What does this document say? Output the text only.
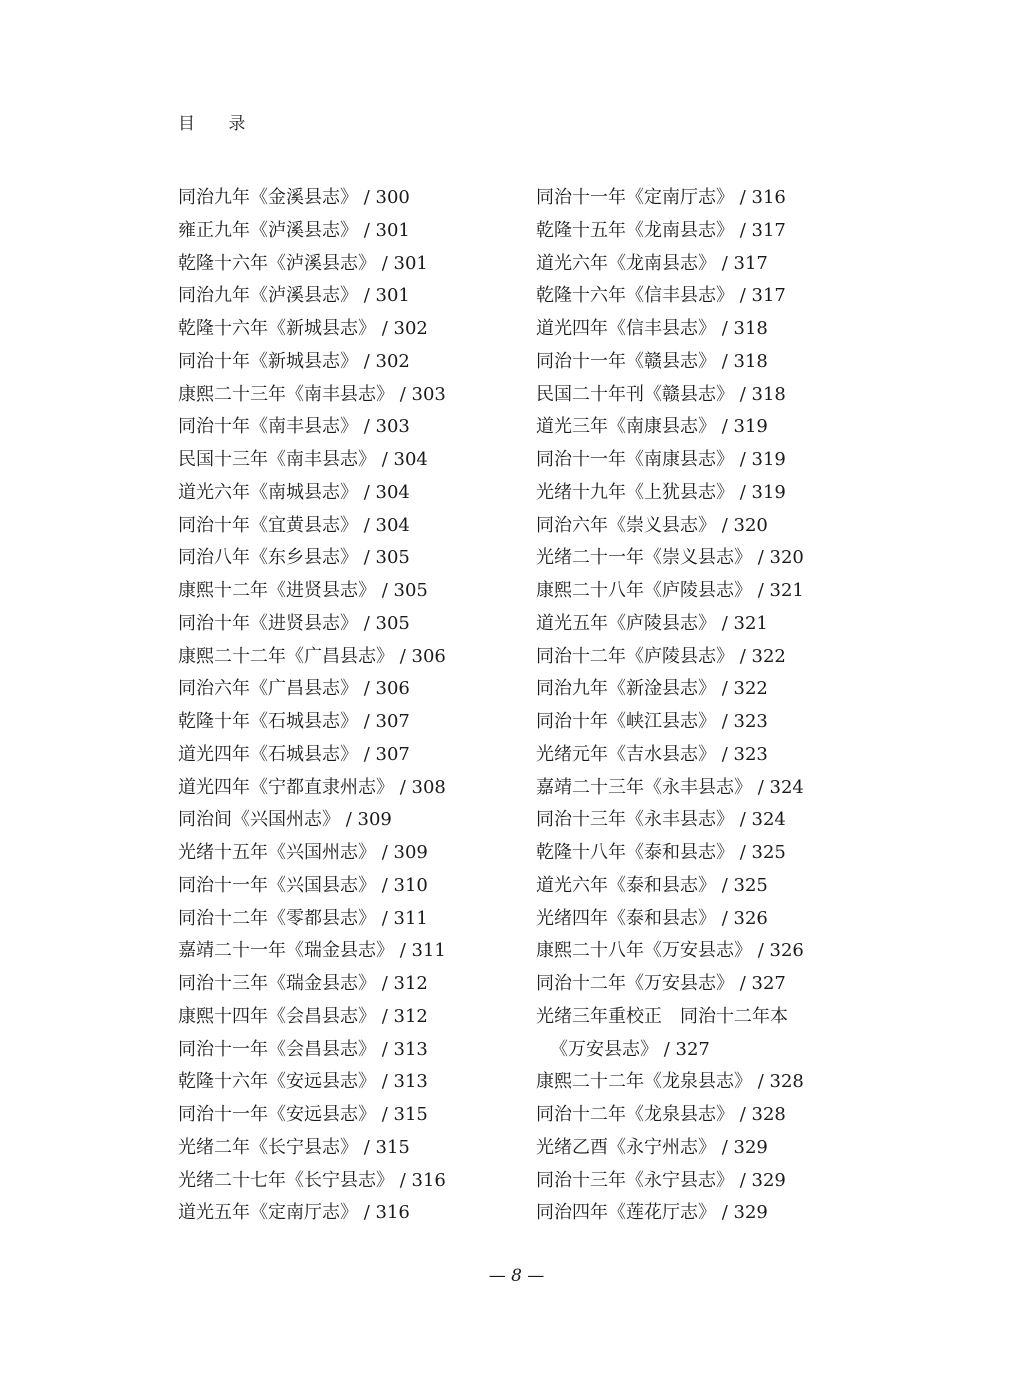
目 录
同治九年《金溪县志》 / 300
雍正九年《泸溪县志》 / 301
乾隆十六年《泸溪县志》 / 301
同治九年《泸溪县志》 / 301
乾隆十六年《新城县志》 / 302
同治十年《新城县志》 / 302
康熙二十三年《南丰县志》 / 303
同治十年《南丰县志》 / 303
民国十三年《南丰县志》 / 304
道光六年《南城县志》 / 304
同治十年《宜黄县志》 / 304
同治八年《东乡县志》 / 305
康熙十二年《进贤县志》 / 305
同治十年《进贤县志》 / 305
康熙二十二年《广昌县志》 / 306
同治六年《广昌县志》 / 306
乾隆十年《石城县志》 / 307
道光四年《石城县志》 / 307
道光四年《宁都直隶州志》 / 308
同治间《兴国州志》 / 309
光绪十五年《兴国州志》 / 309
同治十一年《兴国县志》 / 310
同治十二年《零都县志》 / 311
嘉靖二十一年《瑞金县志》 / 311
同治十三年《瑞金县志》 / 312
康熙十四年《会昌县志》 / 312
同治十一年《会昌县志》 / 313
乾隆十六年《安远县志》 / 313
同治十一年《安远县志》 / 315
光绪二年《长宁县志》 / 315
光绪二十七年《长宁县志》 / 316
道光五年《定南厅志》 / 316
同治十一年《定南厅志》 / 316
乾隆十五年《龙南县志》 / 317
道光六年《龙南县志》 / 317
乾隆十六年《信丰县志》 / 317
道光四年《信丰县志》 / 318
同治十一年《赣县志》 / 318
民国二十年刊《赣县志》 / 318
道光三年《南康县志》 / 319
同治十一年《南康县志》 / 319
光绪十九年《上犹县志》 / 319
同治六年《崇义县志》 / 320
光绪二十一年《崇义县志》 / 320
康熙二十八年《庐陵县志》 / 321
道光五年《庐陵县志》 / 321
同治十二年《庐陵县志》 / 322
同治九年《新淦县志》 / 322
同治十年《峡江县志》 / 323
光绪元年《吉水县志》 / 323
嘉靖二十三年《永丰县志》 / 324
同治十三年《永丰县志》 / 324
乾隆十八年《泰和县志》 / 325
道光六年《泰和县志》 / 325
光绪四年《泰和县志》 / 326
康熙二十八年《万安县志》 / 326
同治十二年《万安县志》 / 327
光绪三年重校正　同治十二年本
《万安县志》 / 327
康熙二十二年《龙泉县志》 / 328
同治十二年《龙泉县志》 / 328
光绪乙酉《永宁州志》 / 329
同治十三年《永宁县志》 / 329
同治四年《莲花厅志》 / 329
— 8 —
